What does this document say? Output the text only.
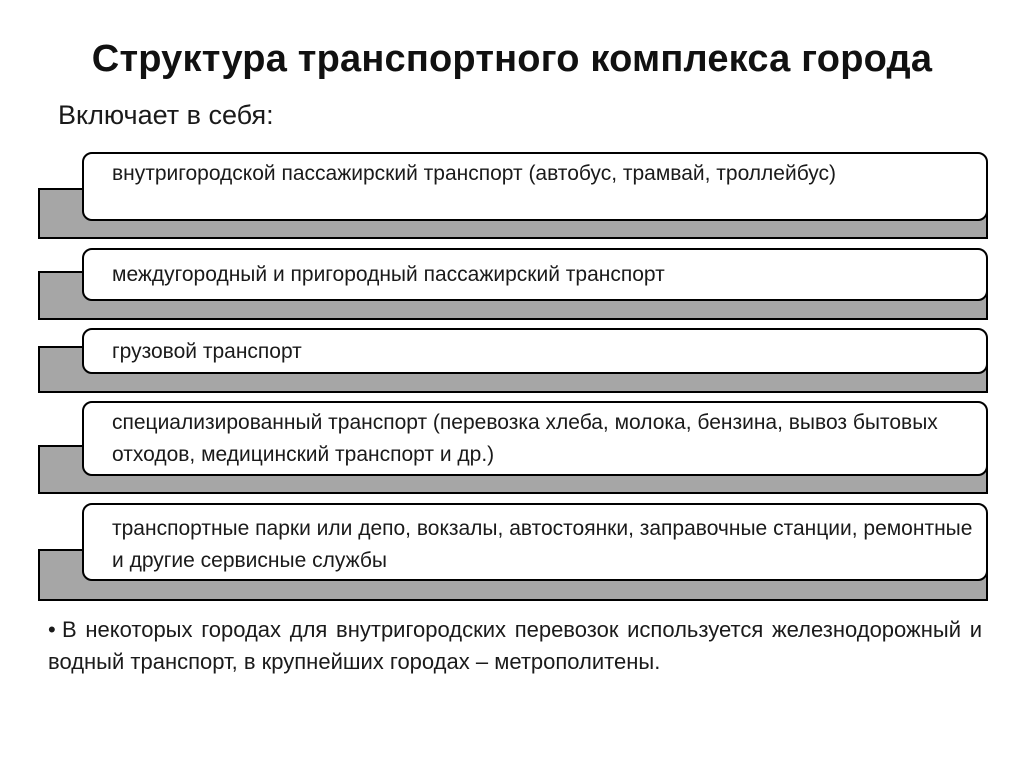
Структура транспортного комплекса города
Включает в себя:
внутригородской пассажирский транспорт (автобус, трамвай, троллейбус)
междугородный и пригородный пассажирский транспорт
грузовой транспорт
специализированный транспорт (перевозка хлеба, молока, бензина, вывоз бытовых отходов, медицинский транспорт и др.)
транспортные парки или депо, вокзалы, автостоянки, заправочные станции, ремонтные и другие сервисные службы
• В некоторых городах для внутригородских перевозок используется железнодорожный и водный транспорт, в крупнейших городах – метрополитены.
